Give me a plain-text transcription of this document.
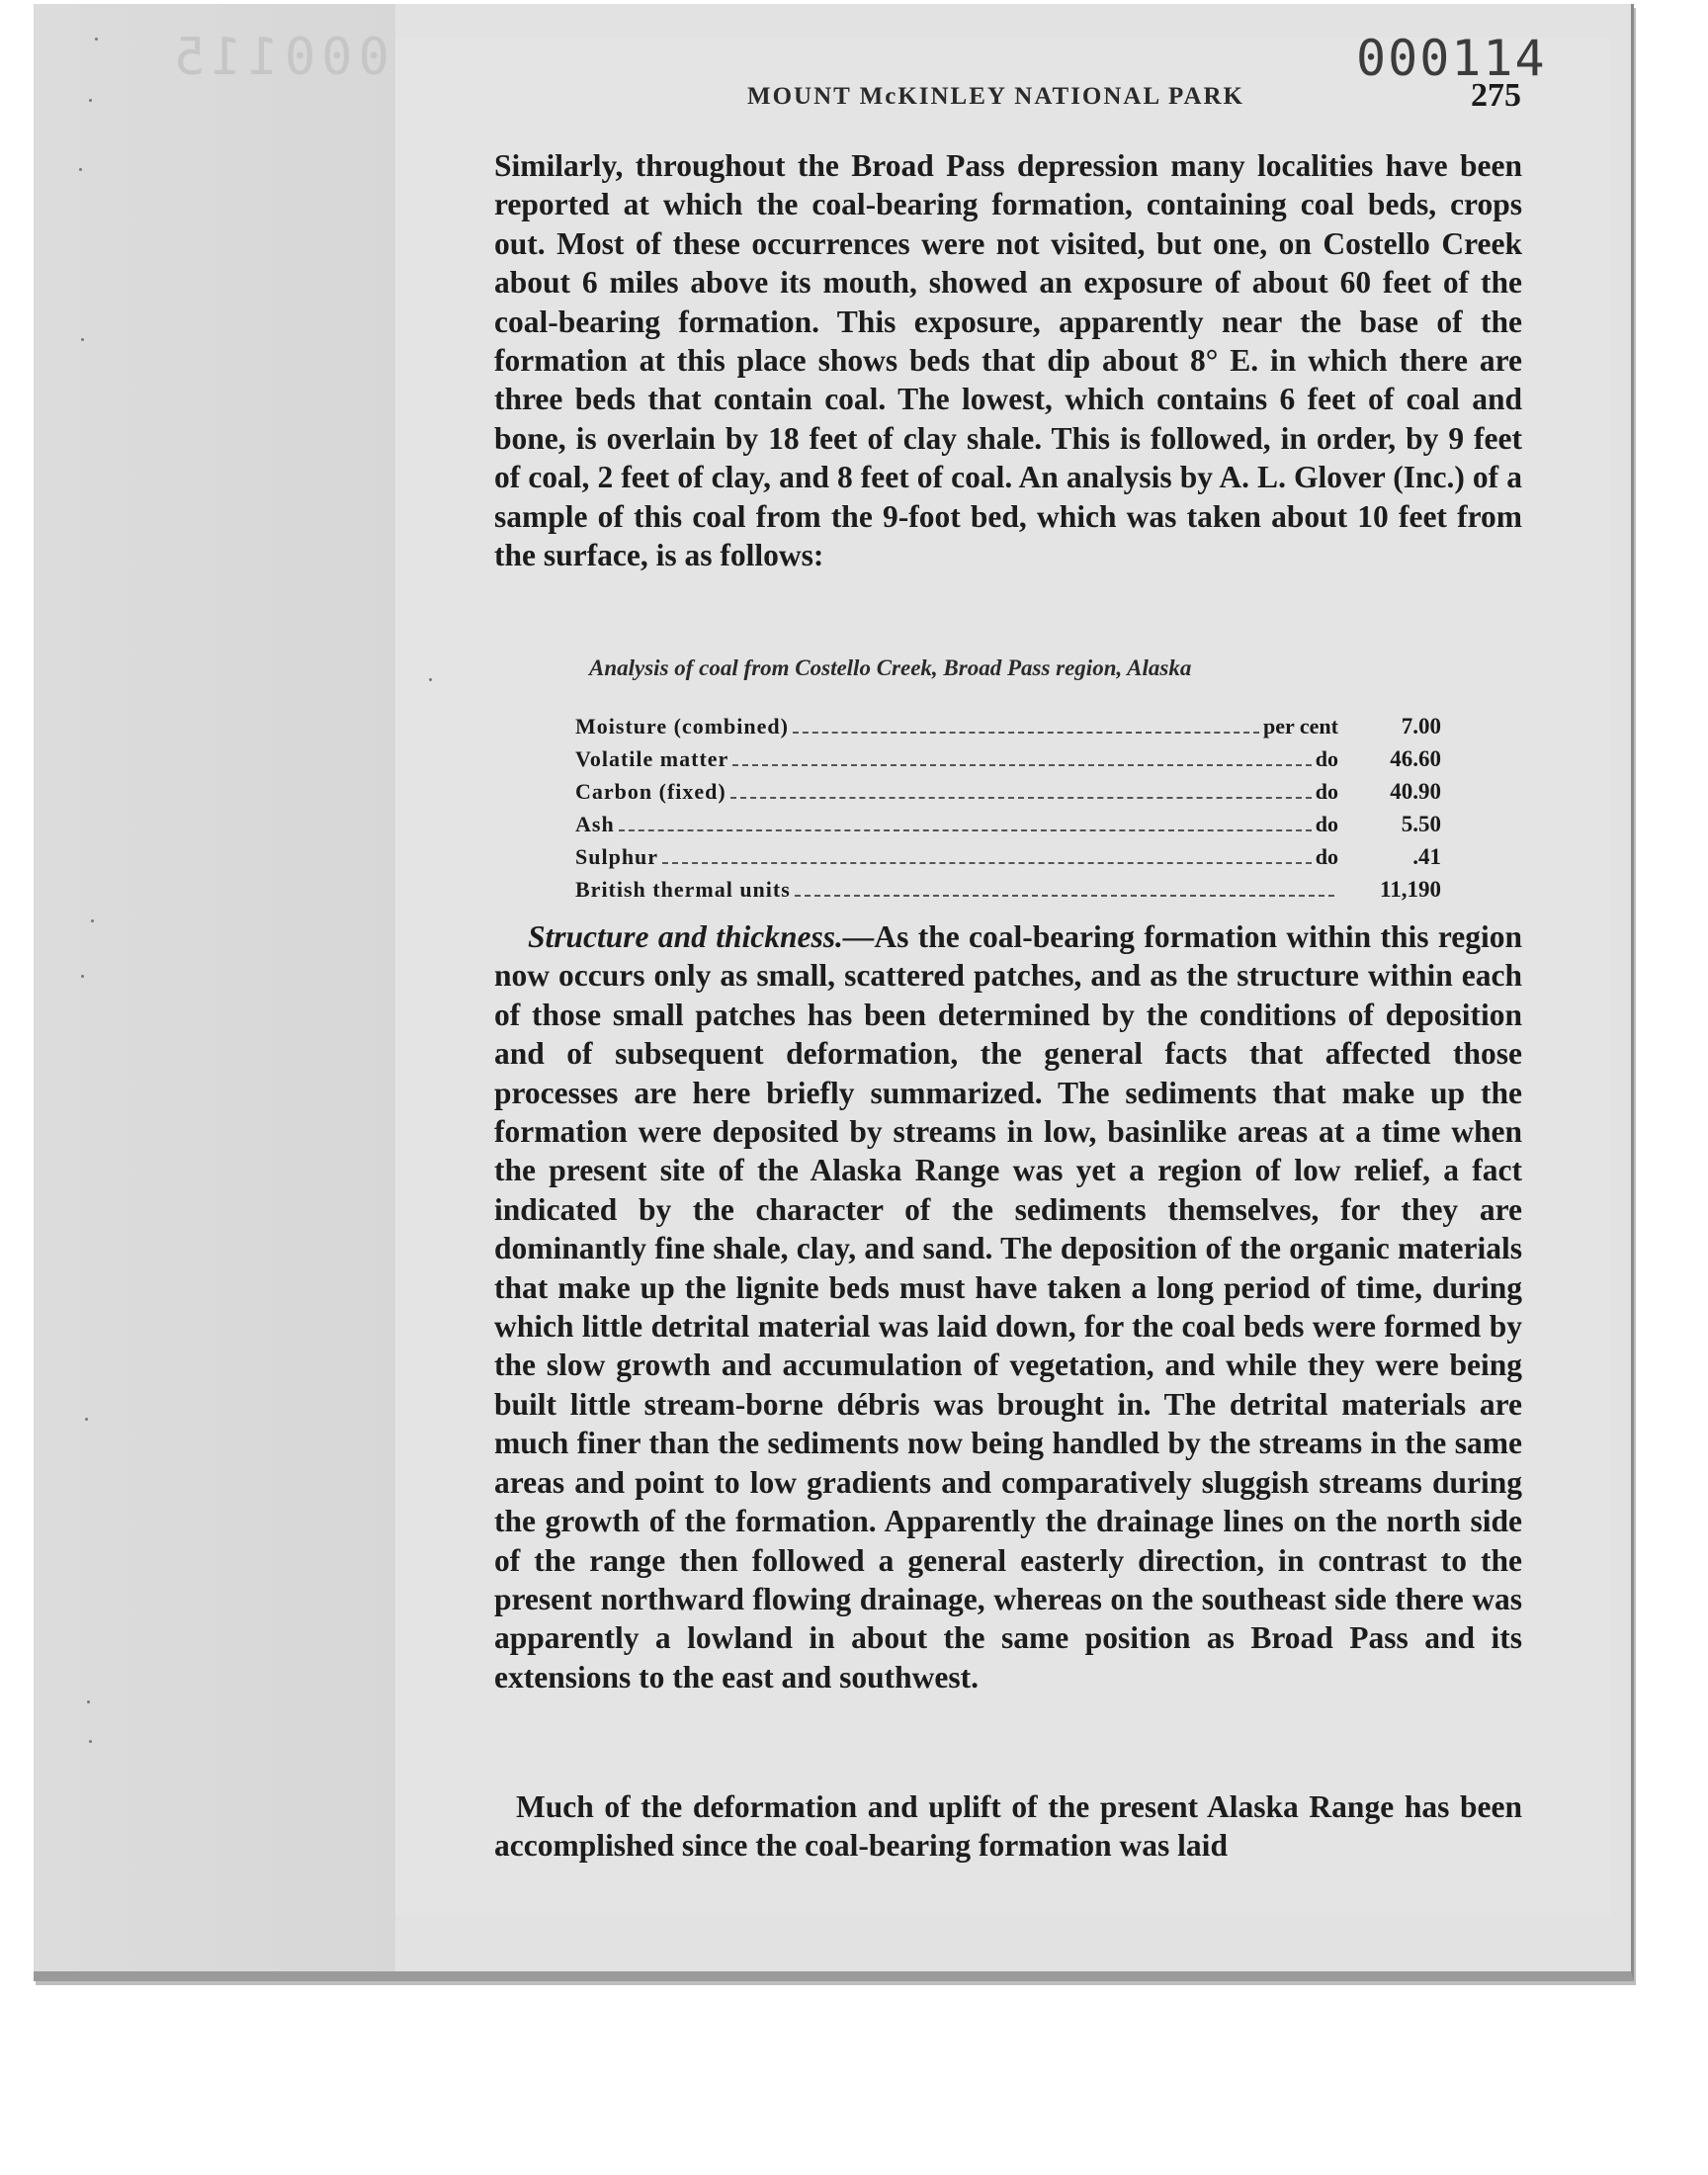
000115	000114
MOUNT McKINLEY NATIONAL PARK	275

Similarly, throughout the Broad Pass depression many localities have been reported at which the coal-bearing formation, containing coal beds, crops out. Most of these occurrences were not visited, but one, on Costello Creek about 6 miles above its mouth, showed an exposure of about 60 feet of the coal-bearing formation. This exposure, apparently near the base of the formation at this place shows beds that dip about 8° E. in which there are three beds that contain coal. The lowest, which contains 6 feet of coal and bone, is overlain by 18 feet of clay shale. This is followed, in order, by 9 feet of coal, 2 feet of clay, and 8 feet of coal. An analysis by A. L. Glover (Inc.) of a sample of this coal from the 9-foot bed, which was taken about 10 feet from the surface, is as follows:

Analysis of coal from Costello Creek, Broad Pass region, Alaska
Moisture (combined)	per cent	7.00
Volatile matter	do	46.60
Carbon (fixed)	do	40.90
Ash	do	5.50
Sulphur	do	.41
British thermal units	11,190

Structure and thickness.—As the coal-bearing formation within this region now occurs only as small, scattered patches, and as the structure within each of those small patches has been determined by the conditions of deposition and of subsequent deformation, the general facts that affected those processes are here briefly summarized. The sediments that make up the formation were deposited by streams in low, basinlike areas at a time when the present site of the Alaska Range was yet a region of low relief, a fact indicated by the character of the sediments themselves, for they are dominantly fine shale, clay, and sand. The deposition of the organic materials that make up the lignite beds must have taken a long period of time, during which little detrital material was laid down, for the coal beds were formed by the slow growth and accumulation of vegetation, and while they were being built little stream-borne débris was brought in. The detrital materials are much finer than the sediments now being handled by the streams in the same areas and point to low gradients and comparatively sluggish streams during the growth of the formation. Apparently the drainage lines on the north side of the range then followed a general easterly direction, in contrast to the present northward flowing drainage, whereas on the southeast side there was apparently a lowland in about the same position as Broad Pass and its extensions to the east and southwest.

Much of the deformation and uplift of the present Alaska Range has been accomplished since the coal-bearing formation was laid
